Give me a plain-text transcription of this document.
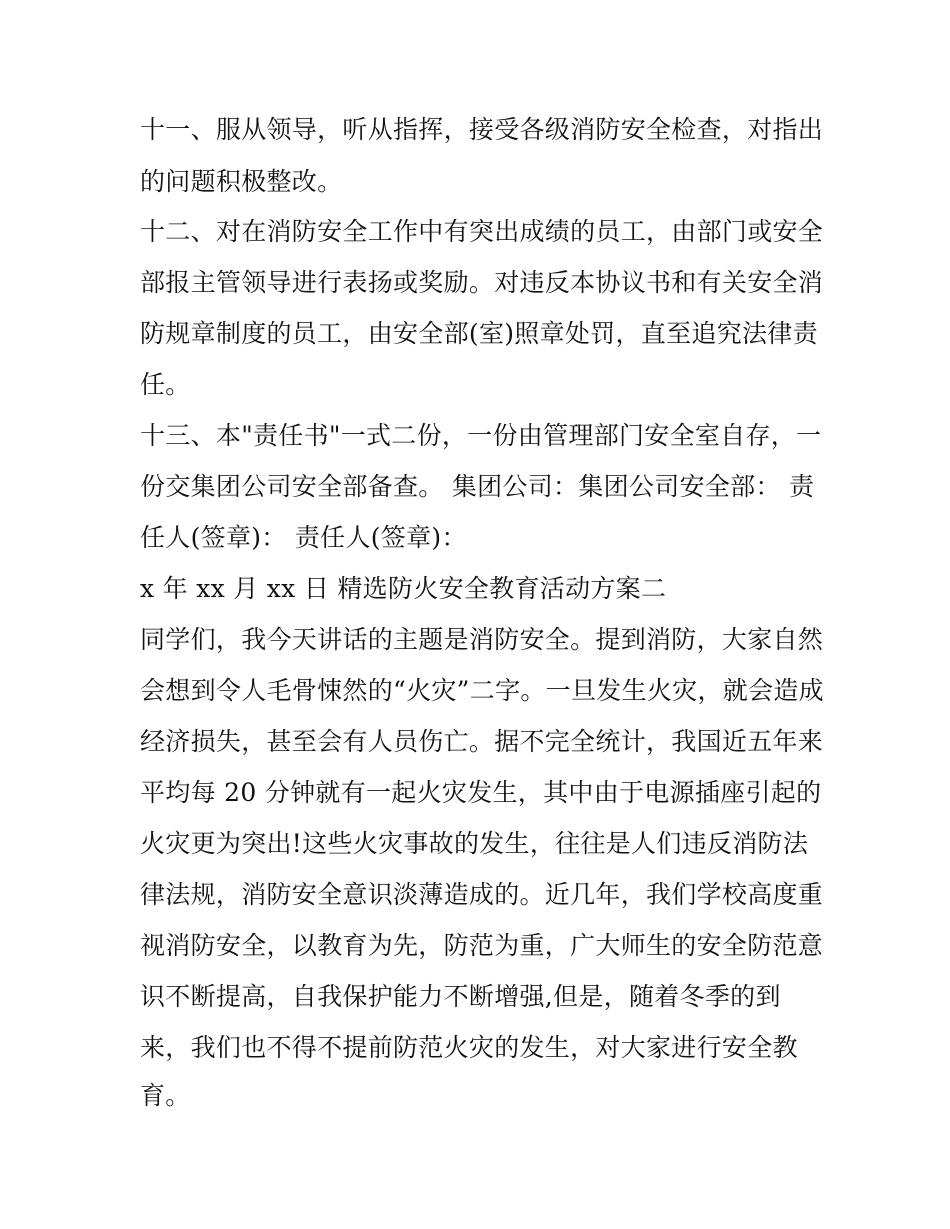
十一、服从领导，听从指挥，接受各级消防安全检查，对指出
的问题积极整改。
十二、对在消防安全工作中有突出成绩的员工，由部门或安全
部报主管领导进行表扬或奖励。对违反本协议书和有关安全消
防规章制度的员工，由安全部(室)照章处罚，直至追究法律责
任。
十三、本"责任书"一式二份，一份由管理部门安全室自存，一
份交集团公司安全部备查。 集团公司：集团公司安全部： 责
任人(签章)： 责任人(签章)：
x 年 xx 月 xx 日 精选防火安全教育活动方案二
同学们，我今天讲话的主题是消防安全。提到消防，大家自然
会想到令人毛骨悚然的“火灾”二字。一旦发生火灾，就会造成
经济损失，甚至会有人员伤亡。据不完全统计，我国近五年来
平均每 20 分钟就有一起火灾发生，其中由于电源插座引起的
火灾更为突出!这些火灾事故的发生，往往是人们违反消防法
律法规，消防安全意识淡薄造成的。近几年，我们学校高度重
视消防安全，以教育为先，防范为重，广大师生的安全防范意
识不断提高，自我保护能力不断增强,但是，随着冬季的到
来，我们也不得不提前防范火灾的发生，对大家进行安全教
育。
